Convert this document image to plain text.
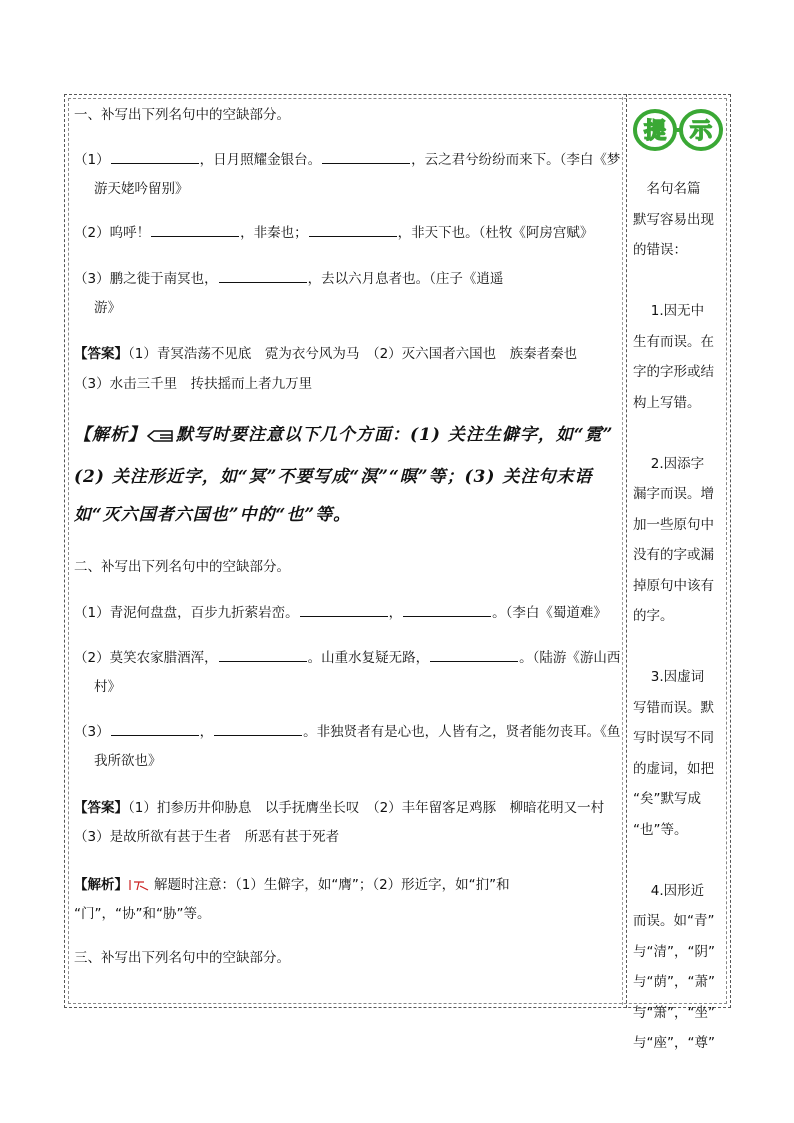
一、补写出下列名句中的空缺部分。
（1）	，日月照耀金银台。	，云之君兮纷纷而来下。（李白《梦
游天姥吟留别》
（2）呜呼！	，非秦也；	，非天下也。（杜牧《阿房宫赋》
（3）鹏之徙于南冥也，	，去以六月息者也。（庄子《逍遥
游》
【答案】（1）青冥浩荡不见底　霓为衣兮风为马　（2）灭六国者六国也　族秦者秦也
（3）水击三千里　抟扶摇而上者九万里
【解析】 默写时要注意以下几个方面：(1) 关注生僻字，如“霓”
(2) 关注形近字，如“冥”不要写成“溟”“暝”等；(3) 关注句末语
如“灭六国者六国也”中的“也”等。
二、补写出下列名句中的空缺部分。
（1）青泥何盘盘，百步九折萦岩峦。	，	。（李白《蜀道难》
（2）莫笑农家腊酒浑，	。山重水复疑无路，	。（陆游《游山西
村》
（3）	，	。非独贤者有是心也，人皆有之，贤者能勿丧耳。《鱼
我所欲也》
【答案】（1）扪参历井仰胁息　以手抚膺坐长叹　（2）丰年留客足鸡豚　柳暗花明又一村
（3）是故所欲有甚于生者　所恶有甚于死者
【解析】 解题时注意：（1）生僻字，如“膺”；（2）形近字，如“扪”和
“门”，“协”和“胁”等。
三、补写出下列名句中的空缺部分。
提 示
　名句名篇
默写容易出现
的错误：
　 1.因无中
生有而误。在
字的字形或结
构上写错。
　 2.因添字
漏字而误。增
加一些原句中
没有的字或漏
掉原句中该有
的字。
　 3.因虚词
写错而误。默
写时误写不同
的虚词，如把
“矣”默写成
“也”等。
　 4.因形近
而误。如“青”
与“清”，“阴”
与“荫”，“萧”
与“箫”，“坐”
与“座”，“尊”
